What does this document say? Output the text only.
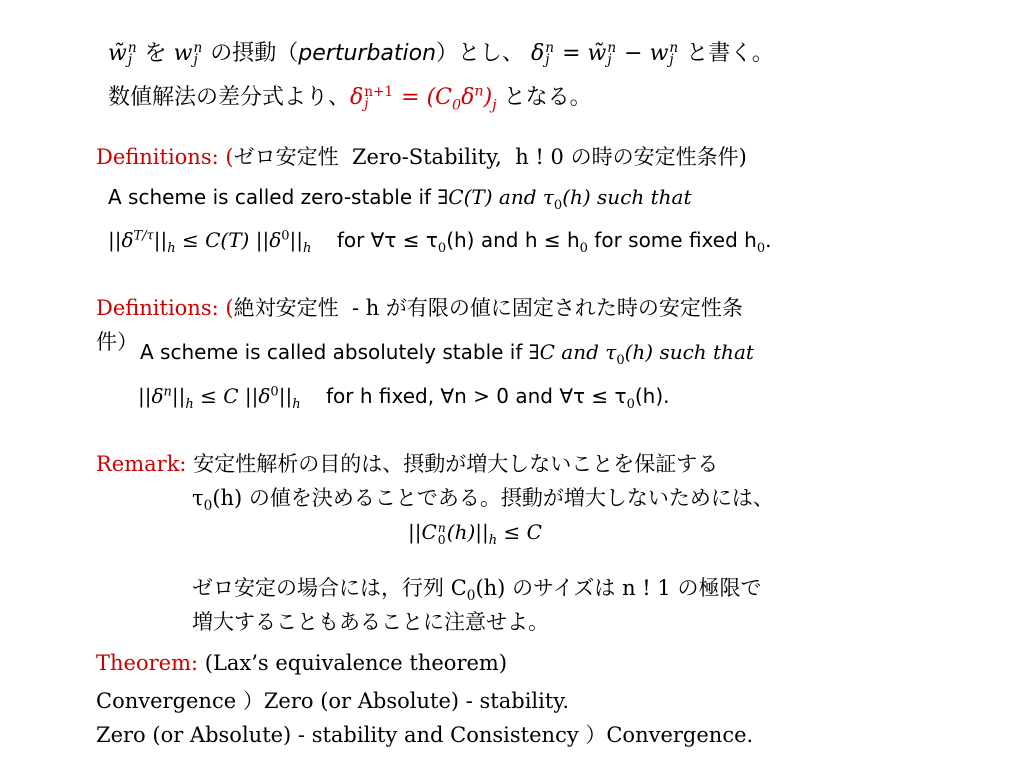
w̃ n
j を w n
j の摂動（perturbation）とし、 δ n
j = w̃ n
j − w n
j と書く。
数値解法の差分式より、δ n+1
j	= $(C_0\delta^n)_j$ となる。
Definitions: (ゼロ安定性 Zero-Stability, h ! 0 の時の安定性条件)
A scheme is called zero-stable if ∃C(T) and $\tau_0(h)$ such that
$||\delta^{T/\tau}||_h \le C(T)$ $||\delta^0||_h$ for ∀τ ≤ $\tau_0(h)$ and $h \le h_0$ for some fixed $h_0$.
Definitions: (絶対安定性 - h が有限の値に固定された時の安定性条
件） A scheme is called absolutely stable if ∃C and $\tau_0(h)$ such that
$||\delta^n||_h \le C$ $||\delta^0||_h$ for h fixed, ∀n > 0 and ∀τ ≤ $\tau_0(h)$.
Remark: 安定性解析の目的は、摂動が増大しないことを保証する
$\tau_0(h)$ の値を決めることである。摂動が増大しないためには、
||C n
0 $(h)||_h \le C$
ゼロ安定の場合には，行列 $C_0(h)$ のサイズは n ! 1 の極限で
増大することもあることに注意せよ。
Theorem: (Lax’s equivalence theorem)
Convergence ）Zero (or Absolute) - stability.
Zero (or Absolute) - stability and Consistency ）Convergence.
